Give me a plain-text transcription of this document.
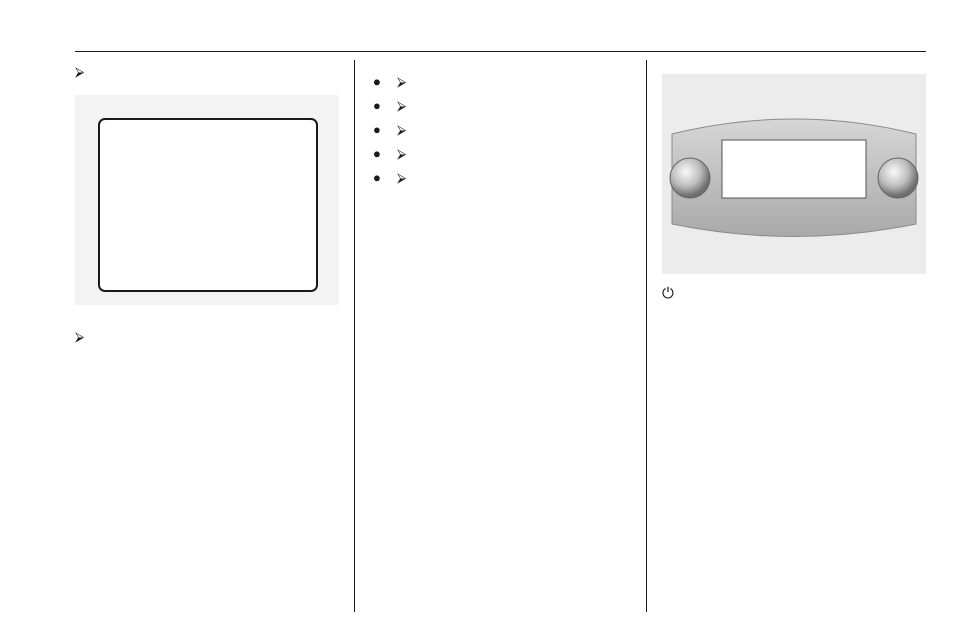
⮚

⮚

● ⮚
● ⮚
● ⮚
● ⮚
● ⮚

⏻
